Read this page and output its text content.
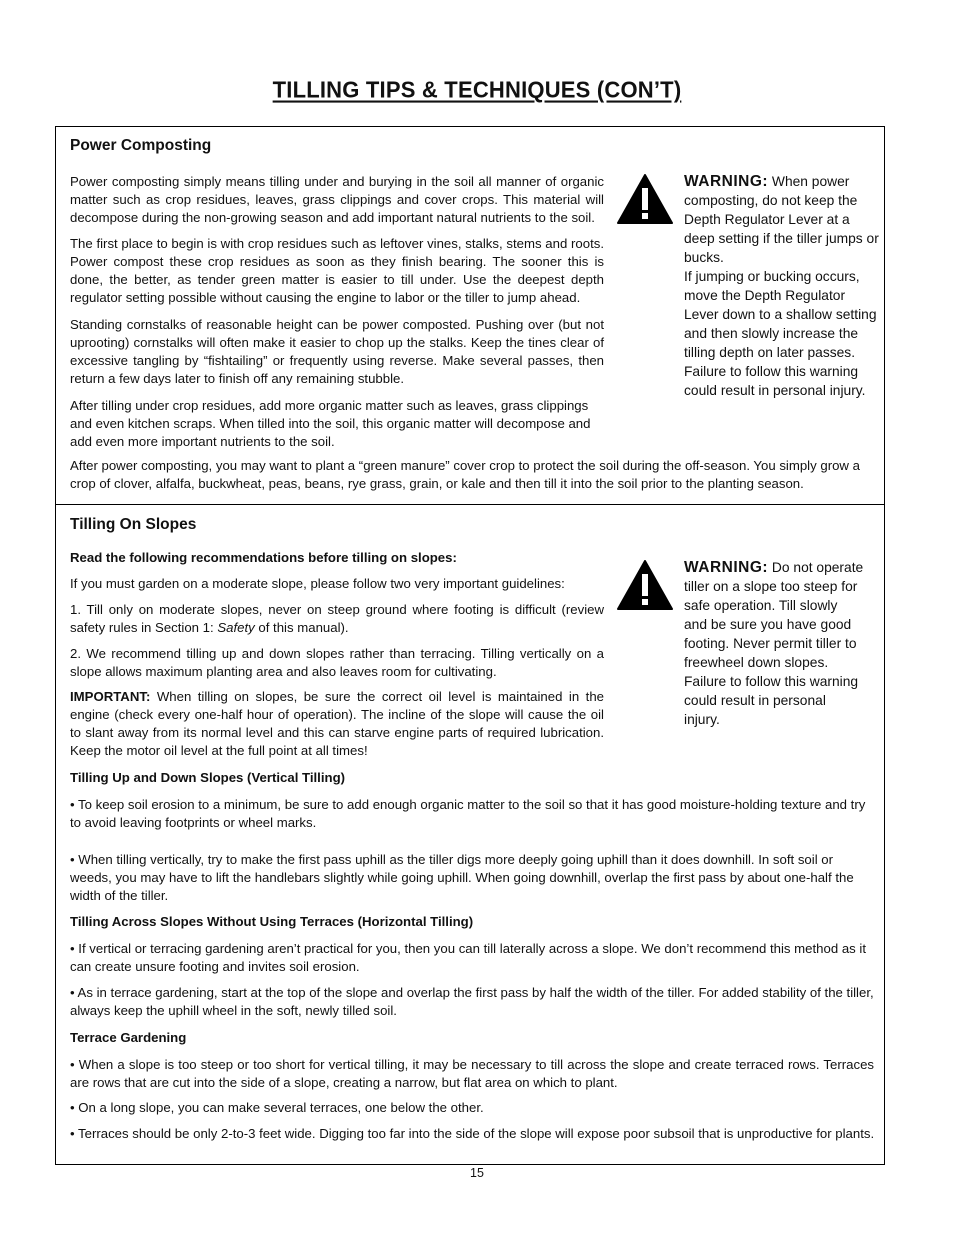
TILLING TIPS & TECHNIQUES (CON’T)
Power Composting

Power composting simply means tilling under and burying in the soil all manner of organic matter such as crop residues, leaves, grass clippings and cover crops. This material will decompose during the non-growing season and add important natural nutrients to the soil.

The first place to begin is with crop residues such as leftover vines, stalks, stems and roots. Power compost these crop residues as soon as they finish bearing. The sooner this is done, the better, as tender green matter is easier to till under. Use the deepest depth regulator setting possible without causing the engine to labor or the tiller to jump ahead.

Standing cornstalks of reasonable height can be power composted. Pushing over (but not uprooting) cornstalks will often make it easier to chop up the stalks. Keep the tines clear of excessive tangling by “fishtailing” or frequently using reverse. Make several passes, then return a few days later to finish off any remaining stubble.

After tilling under crop residues, add more organic matter such as leaves, grass clippings and even kitchen scraps. When tilled into the soil, this organic matter will decompose and add even more important nutrients to the soil.

After power composting, you may want to plant a “green manure” cover crop to protect the soil during the off-season. You simply grow a crop of clover, alfalfa, buckwheat, peas, beans, rye grass, grain, or kale and then till it into the soil prior to the planting season.

WARNING: When power composting, do not keep the Depth Regulator Lever at a deep setting if the tiller jumps or bucks.
If jumping or bucking occurs, move the Depth Regulator Lever down to a shallow setting and then slowly increase the tilling depth on later passes.
Failure to follow this warning could result in personal injury.
Tilling On Slopes
Read the following recommendations before tilling on slopes:

If you must garden on a moderate slope, please follow two very important guidelines:

1. Till only on moderate slopes, never on steep ground where footing is difficult (review safety rules in Section 1: Safety of this manual).

2. We recommend tilling up and down slopes rather than terracing. Tilling vertically on a slope allows maximum planting area and also leaves room for cultivating.

IMPORTANT: When tilling on slopes, be sure the correct oil level is maintained in the engine (check every one-half hour of operation). The incline of the slope will cause the oil to slant away from its normal level and this can starve engine parts of required lubrication. Keep the motor oil level at the full point at all times!

WARNING: Do not operate tiller on a slope too steep for safe operation. Till slowly and be sure you have good footing. Never permit tiller to freewheel down slopes. Failure to follow this warning could result in personal injury.
Tilling Up and Down Slopes (Vertical Tilling)

• To keep soil erosion to a minimum, be sure to add enough organic matter to the soil so that it has good moisture-holding texture and try to avoid leaving footprints or wheel marks.

• When tilling vertically, try to make the first pass uphill as the tiller digs more deeply going uphill than it does downhill. In soft soil or weeds, you may have to lift the handlebars slightly while going uphill. When going downhill, overlap the first pass by about one-half the width of the tiller.

Tilling Across Slopes Without Using Terraces (Horizontal Tilling)

• If vertical or terracing gardening aren’t practical for you, then you can till laterally across a slope. We don’t recommend this method as it can create unsure footing and invites soil erosion.

• As in terrace gardening, start at the top of the slope and overlap the first pass by half the width of the tiller. For added stability of the tiller, always keep the uphill wheel in the soft, newly tilled soil.

Terrace Gardening

• When a slope is too steep or too short for vertical tilling, it may be necessary to till across the slope and create terraced rows. Terraces are rows that are cut into the side of a slope, creating a narrow, but flat area on which to plant.

• On a long slope, you can make several terraces, one below the other.

• Terraces should be only 2-to-3 feet wide. Digging too far into the side of the slope will expose poor subsoil that is unproductive for plants.

15
